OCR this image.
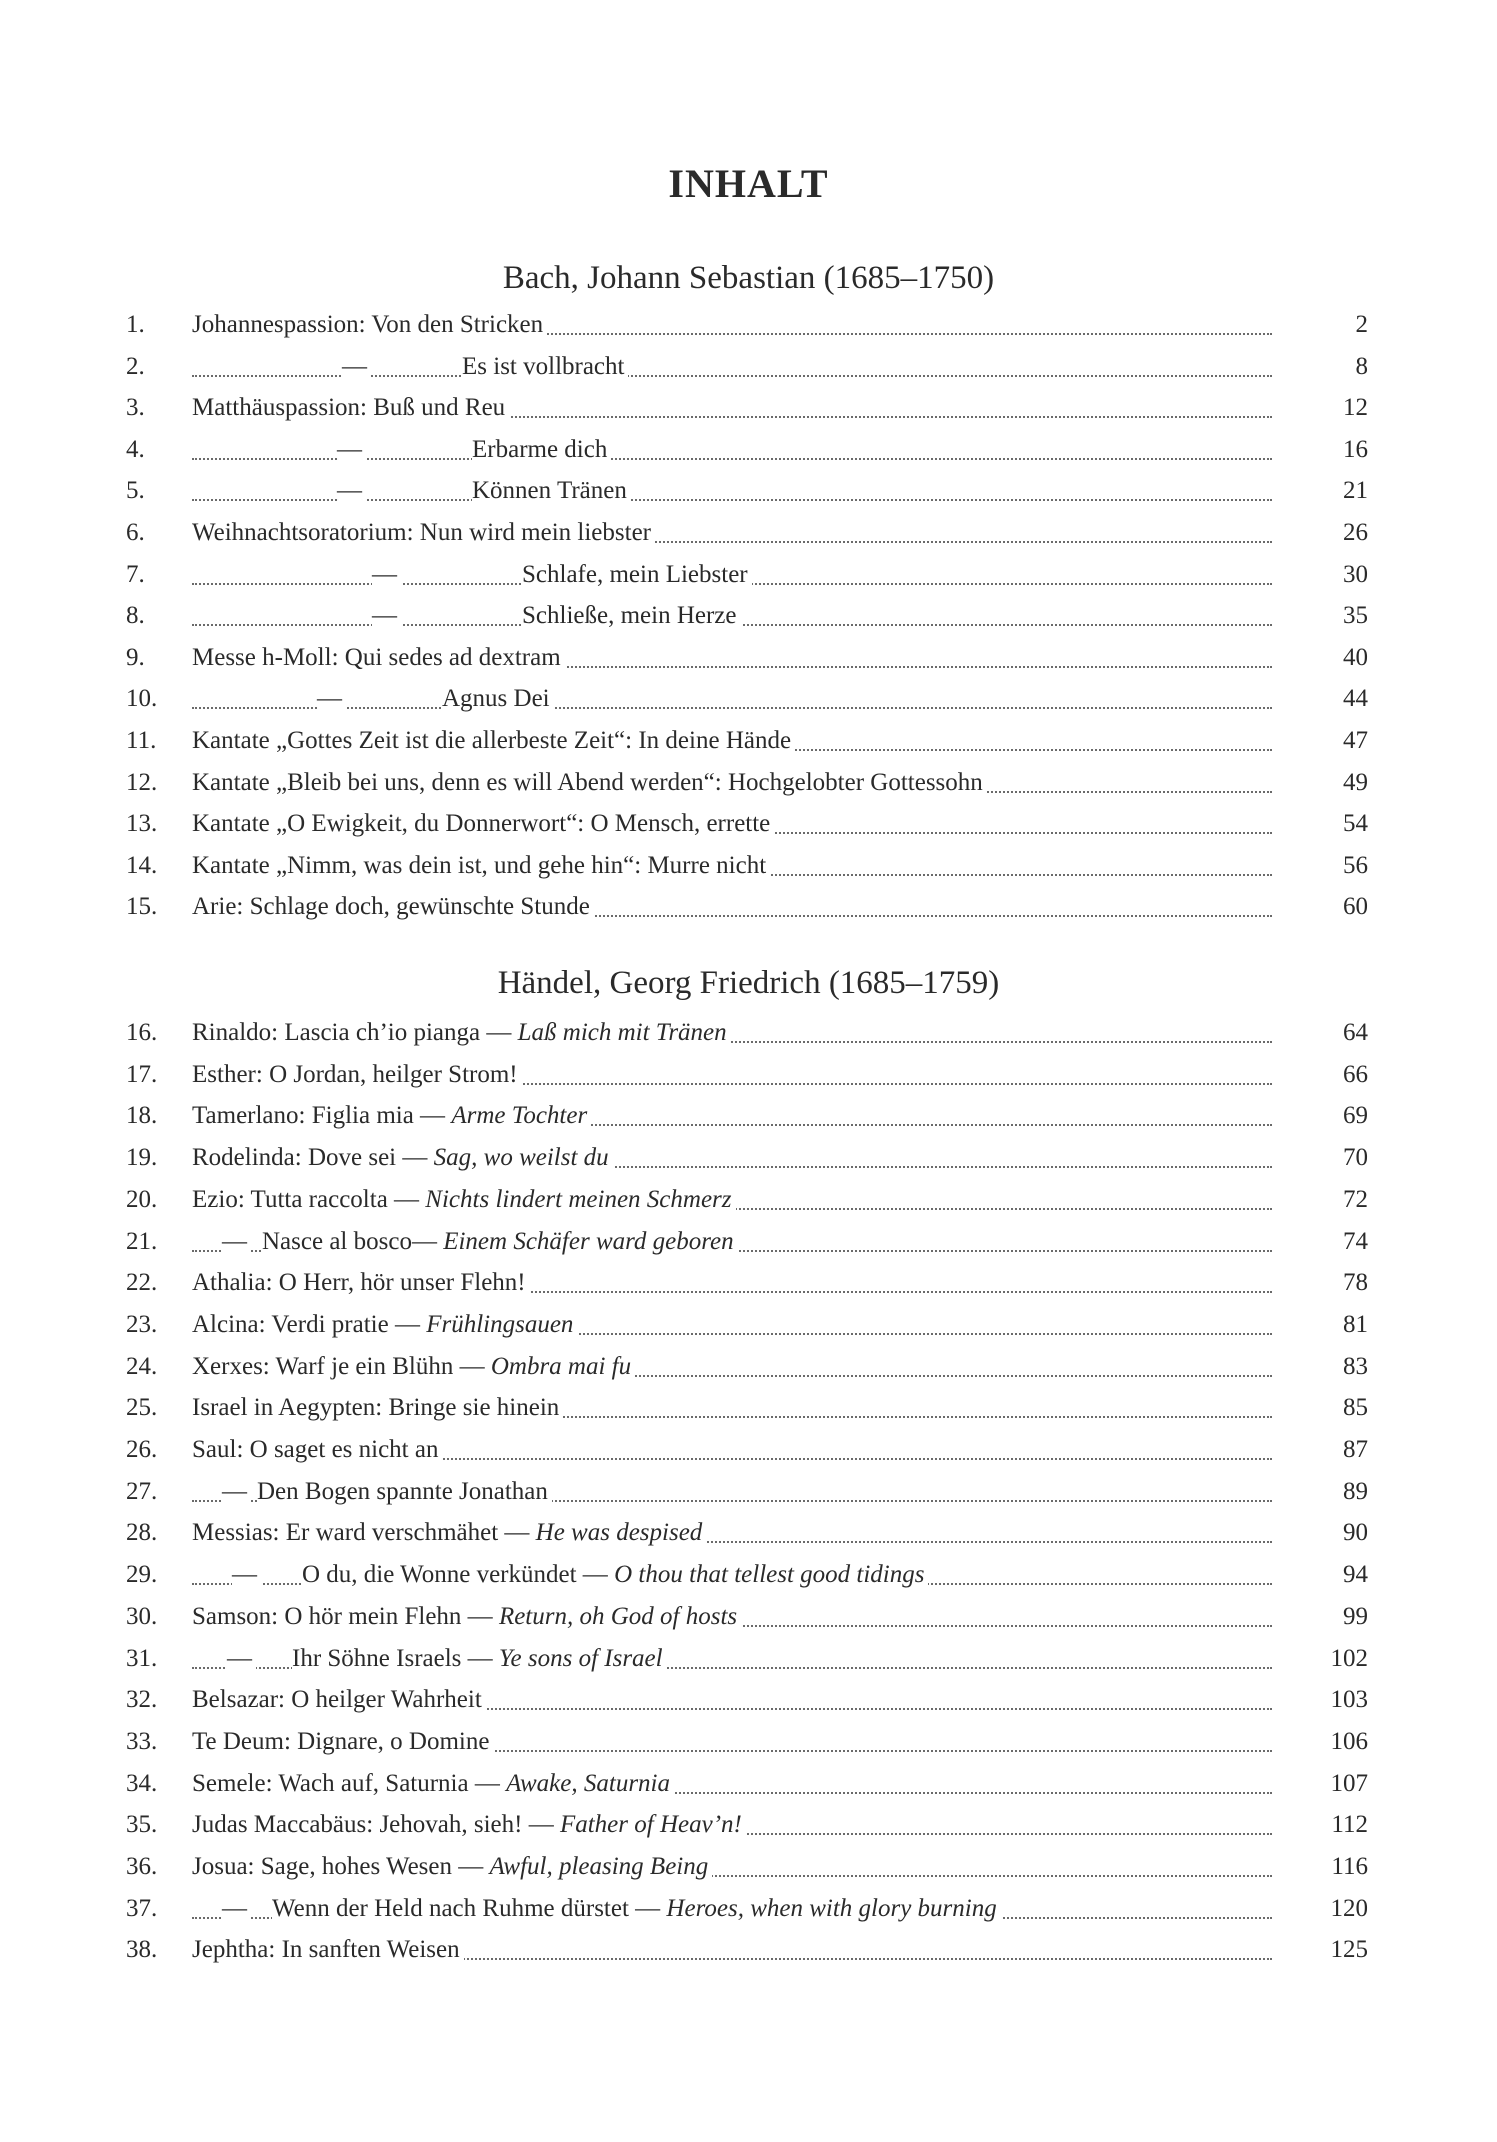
INHALT
Bach, Johann Sebastian (1685–1750)
1.	Johannespassion: Von den Stricken	2
2.	—	Es ist vollbracht	8
3.	Matthäuspassion: Buß und Reu	12
4.	—	Erbarme dich	16
5.	—	Können Tränen	21
6.	Weihnachtsoratorium: Nun wird mein liebster	26
7.	—	Schlafe, mein Liebster	30
8.	—	Schließe, mein Herze	35
9.	Messe h-Moll: Qui sedes ad dextram	40
10.	—	Agnus Dei	44
11.	Kantate „Gottes Zeit ist die allerbeste Zeit“: In deine Hände	47
12.	Kantate „Bleib bei uns, denn es will Abend werden“: Hochgelobter Gottessohn	49
13.	Kantate „O Ewigkeit, du Donnerwort“: O Mensch, errette	54
14.	Kantate „Nimm, was dein ist, und gehe hin“: Murre nicht	56
15.	Arie: Schlage doch, gewünschte Stunde	60
Händel, Georg Friedrich (1685–1759)
16.	Rinaldo: Lascia ch’io pianga — Laß mich mit Tränen	64
17.	Esther: O Jordan, heilger Strom!	66
18.	Tamerlano: Figlia mia — Arme Tochter	69
19.	Rodelinda: Dove sei — Sag, wo weilst du	70
20.	Ezio: Tutta raccolta — Nichts lindert meinen Schmerz	72
21.	— Nasce al bosco— Einem Schäfer ward geboren	74
22.	Athalia: O Herr, hör unser Flehn!	78
23.	Alcina: Verdi pratie — Frühlingsauen	81
24.	Xerxes: Warf je ein Blühn — Ombra mai fu	83
25.	Israel in Aegypten: Bringe sie hinein	85
26.	Saul: O saget es nicht an	87
27.	— Den Bogen spannte Jonathan	89
28.	Messias: Er ward verschmähet — He was despised	90
29.	— O du, die Wonne verkündet — O thou that tellest good tidings	94
30.	Samson: O hör mein Flehn — Return, oh God of hosts	99
31.	— Ihr Söhne Israels — Ye sons of Israel	102
32.	Belsazar: O heilger Wahrheit	103
33.	Te Deum: Dignare, o Domine	106
34.	Semele: Wach auf, Saturnia — Awake, Saturnia	107
35.	Judas Maccabäus: Jehovah, sieh! — Father of Heav’n!	112
36.	Josua: Sage, hohes Wesen — Awful, pleasing Being	116
37.	— Wenn der Held nach Ruhme dürstet — Heroes, when with glory burning	120
38.	Jephtha: In sanften Weisen	125
